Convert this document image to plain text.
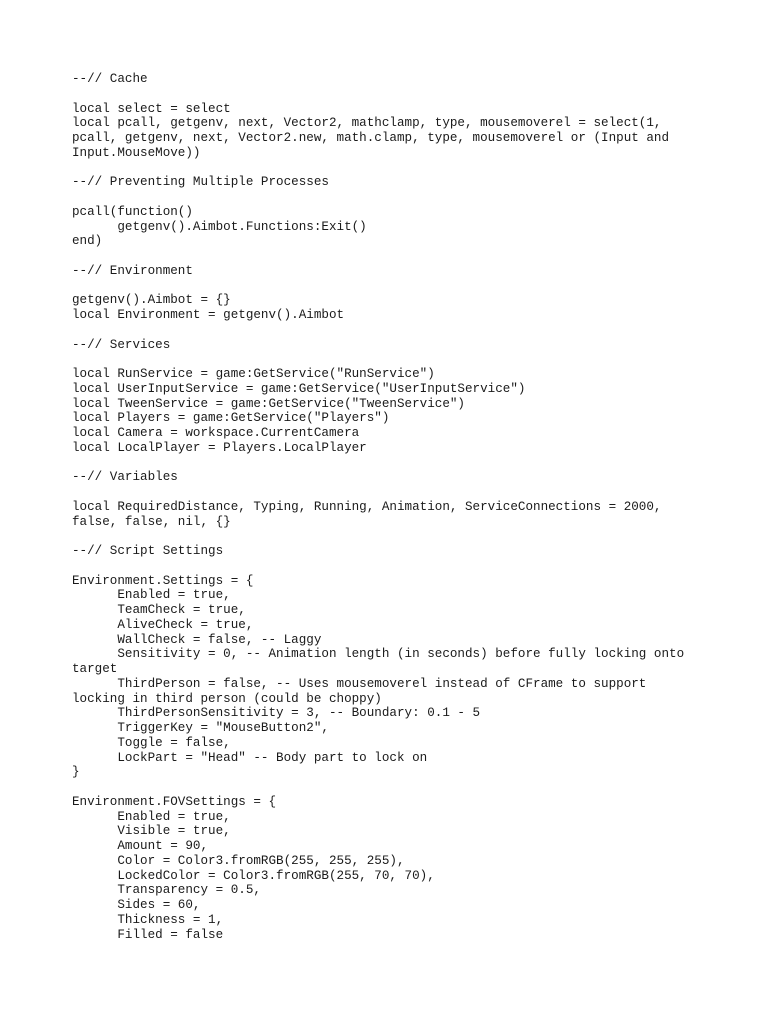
--// Cache
local select = select
local pcall, getgenv, next, Vector2, mathclamp, type, mousemoverel = select(1,
pcall, getgenv, next, Vector2.new, math.clamp, type, mousemoverel or (Input and
Input.MouseMove))
--// Preventing Multiple Processes
pcall(function()
getgenv().Aimbot.Functions:Exit()
end)
--// Environment
getgenv().Aimbot = {}
local Environment = getgenv().Aimbot
--// Services
local RunService = game:GetService("RunService")
local UserInputService = game:GetService("UserInputService")
local TweenService = game:GetService("TweenService")
local Players = game:GetService("Players")
local Camera = workspace.CurrentCamera
local LocalPlayer = Players.LocalPlayer
--// Variables
local RequiredDistance, Typing, Running, Animation, ServiceConnections = 2000,
false, false, nil, {}
--// Script Settings
Environment.Settings = {
Enabled = true,
TeamCheck = true,
AliveCheck = true,
WallCheck = false, -- Laggy
Sensitivity = 0, -- Animation length (in seconds) before fully locking onto
target
ThirdPerson = false, -- Uses mousemoverel instead of CFrame to support
locking in third person (could be choppy)
ThirdPersonSensitivity = 3, -- Boundary: 0.1 - 5
TriggerKey = "MouseButton2",
Toggle = false,
LockPart = "Head" -- Body part to lock on
}
Environment.FOVSettings = {
Enabled = true,
Visible = true,
Amount = 90,
Color = Color3.fromRGB(255, 255, 255),
LockedColor = Color3.fromRGB(255, 70, 70),
Transparency = 0.5,
Sides = 60,
Thickness = 1,
Filled = false
